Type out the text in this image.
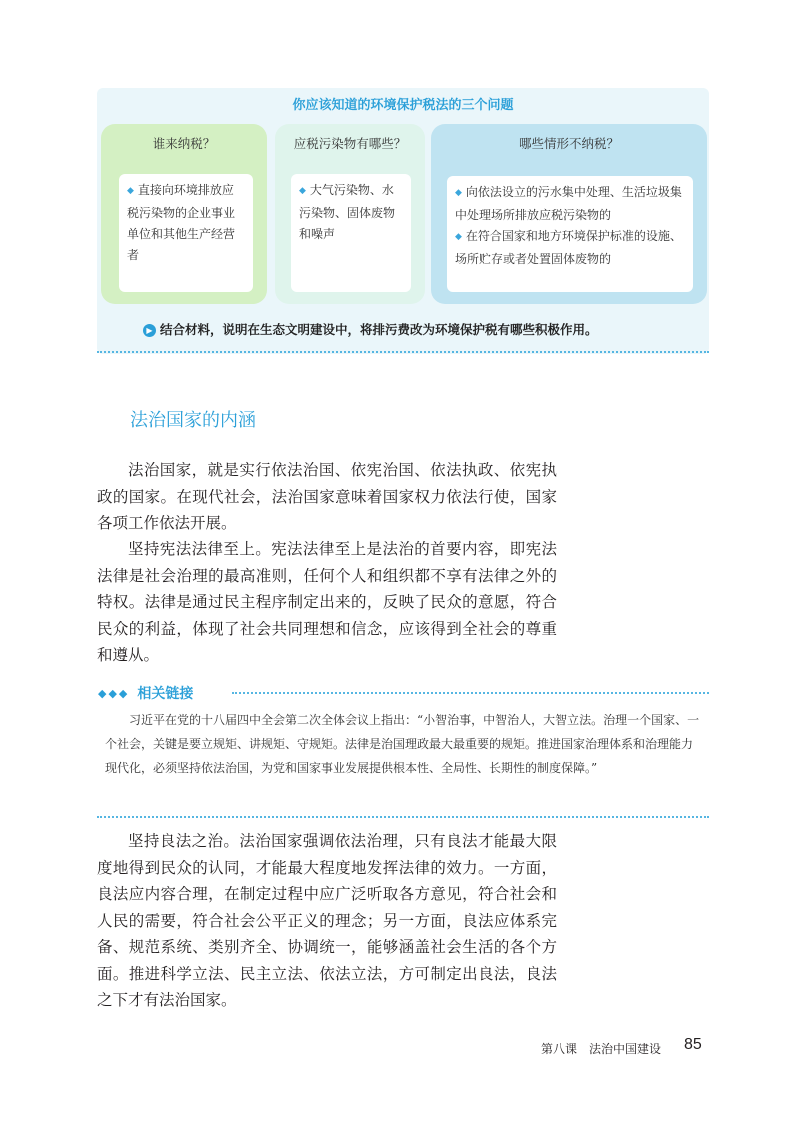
你应该知道的环境保护税法的三个问题
谁来纳税？
◆ 直接向环境排放应税污染物的企业事业单位和其他生产经营者
应税污染物有哪些？
◆ 大气污染物、水污染物、固体废物和噪声
哪些情形不纳税？
◆ 向依法设立的污水集中处理、生活垃圾集中处理场所排放应税污染物的
◆ 在符合国家和地方环境保护标准的设施、场所贮存或者处置固体废物的
▶ 结合材料，说明在生态文明建设中，将排污费改为环境保护税有哪些积极作用。
法治国家的内涵

法治国家，就是实行依法治国、依宪治国、依法执政、依宪执政的国家。在现代社会，法治国家意味着国家权力依法行使，国家各项工作依法开展。

坚持宪法法律至上。宪法法律至上是法治的首要内容，即宪法法律是社会治理的最高准则，任何个人和组织都不享有法律之外的特权。法律是通过民主程序制定出来的，反映了民众的意愿，符合民众的利益，体现了社会共同理想和信念，应该得到全社会的尊重和遵从。

◆◆◆ 相关链接

习近平在党的十八届四中全会第二次全体会议上指出：“小智治事，中智治人，大智立法。治理一个国家、一个社会，关键是要立规矩、讲规矩、守规矩。法律是治国理政最大最重要的规矩。推进国家治理体系和治理能力现代化，必须坚持依法治国，为党和国家事业发展提供根本性、全局性、长期性的制度保障。”

坚持良法之治。法治国家强调依法治理，只有良法才能最大限度地得到民众的认同，才能最大程度地发挥法律的效力。一方面，良法应内容合理，在制定过程中应广泛听取各方意见，符合社会和人民的需要，符合社会公平正义的理念；另一方面，良法应体系完备、规范系统、类别齐全、协调统一，能够涵盖社会生活的各个方面。推进科学立法、民主立法、依法立法，方可制定出良法，良法之下才有法治国家。

第八课　法治中国建设 85
